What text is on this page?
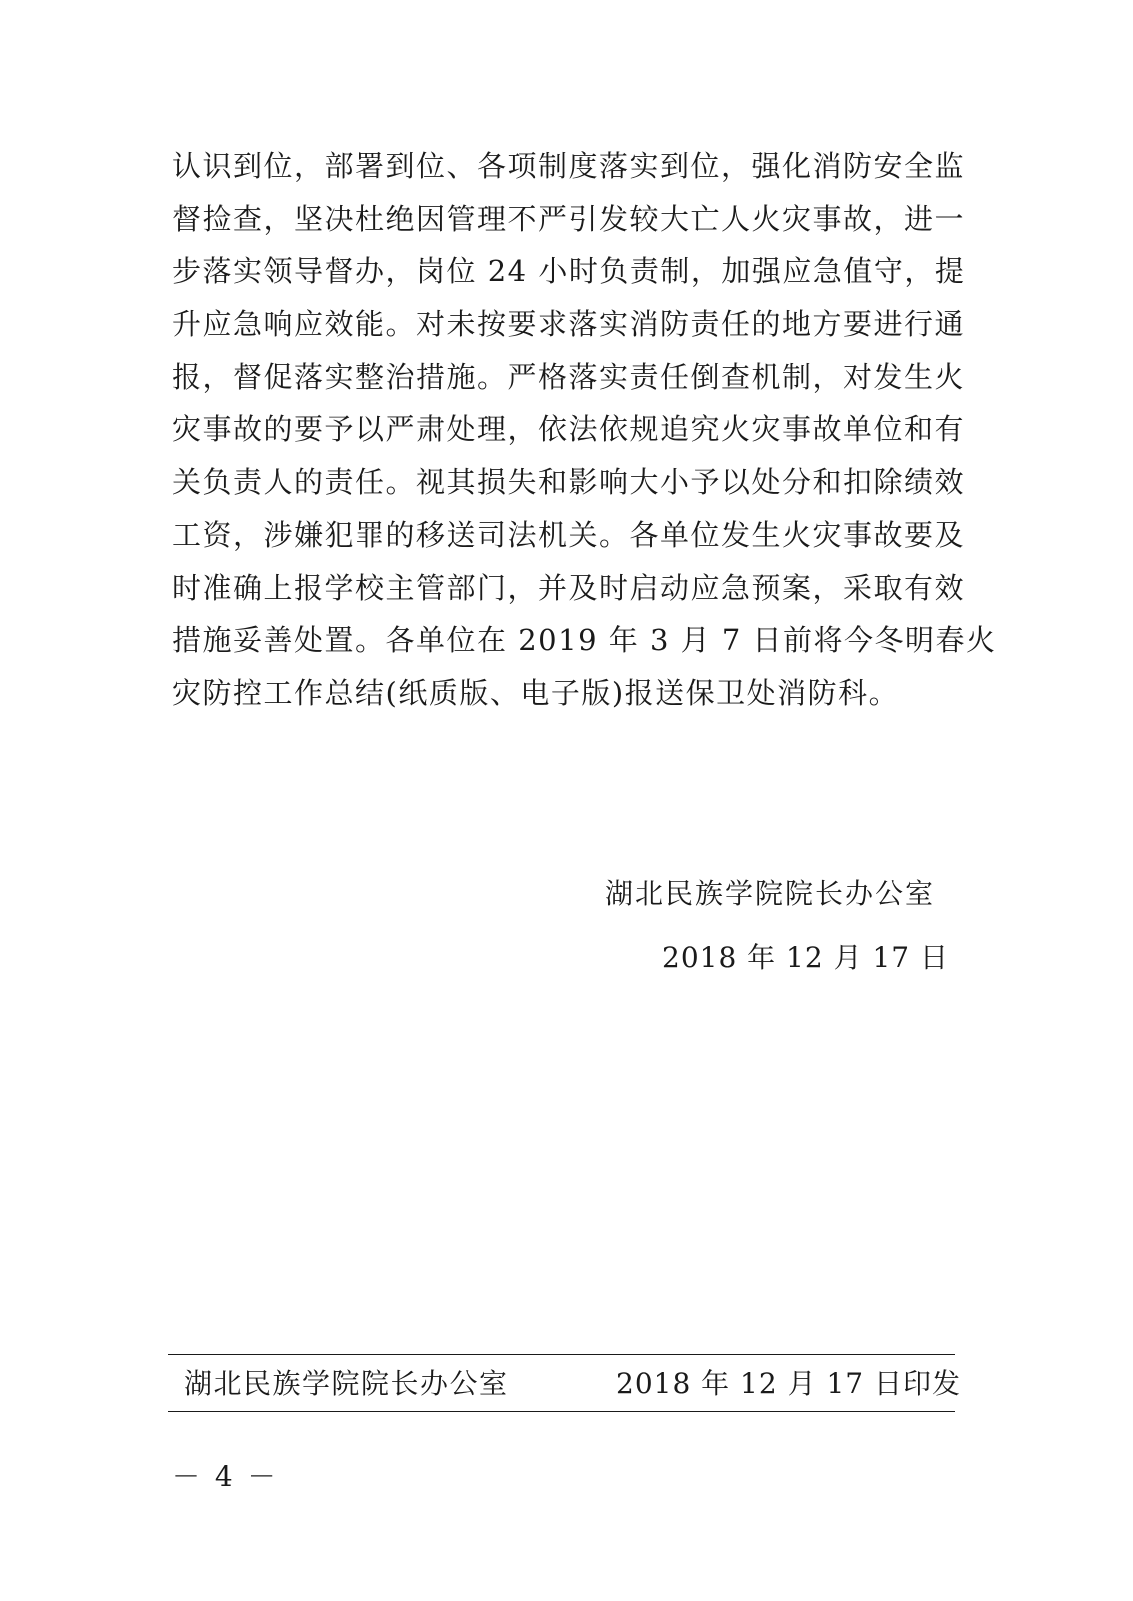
认识到位，部署到位、各项制度落实到位，强化消防安全监
督捡查，坚决杜绝因管理不严引发较大亡人火灾事故，进一
步落实领导督办，岗位 24 小时负责制，加强应急值守，提
升应急响应效能。对未按要求落实消防责任的地方要进行通
报，督促落实整治措施。严格落实责任倒查机制，对发生火
灾事故的要予以严肃处理，依法依规追究火灾事故单位和有
关负责人的责任。视其损失和影响大小予以处分和扣除绩效
工资，涉嫌犯罪的移送司法机关。各单位发生火灾事故要及
时准确上报学校主管部门，并及时启动应急预案，采取有效
措施妥善处置。各单位在 2019 年 3 月 7 日前将今冬明春火
灾防控工作总结(纸质版、电子版)报送保卫处消防科。
湖北民族学院院长办公室
2018 年 12 月 17 日
湖北民族学院院长办公室	2018 年 12 月 17 日印发
－ 4 －
